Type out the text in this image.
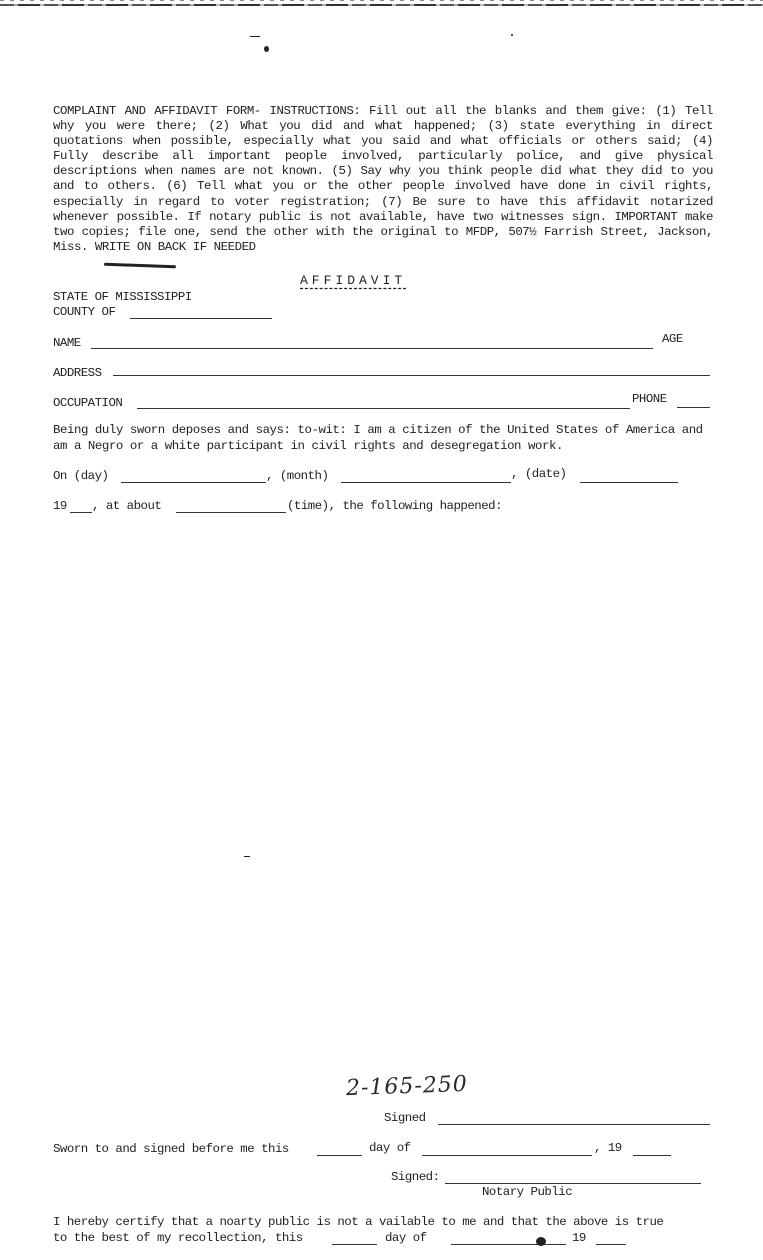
COMPLAINT AND AFFIDAVIT FORM- INSTRUCTIONS: Fill out all the blanks and them give: (1) Tell why you were there; (2) What you did and what happened; (3) state everything in direct quotations when possible, especially what you said and what officials or others said; (4) Fully describe all important people involved, particularly police, and give physical descriptions when names are not known. (5) Say why you think people did what they did to you and to others. (6) Tell what you or the other people involved have done in civil rights, especially in regard to voter registration; (7) Be sure to have this affidavit notarized whenever possible. If notary public is not available, have two witnesses sign. IMPORTANT make two copies; file one, send the other with the original to MFDP, 507½ Farrish Street, Jackson, Miss. WRITE ON BACK IF NEEDED
AFFIDAVIT
STATE OF MISSISSIPPI
COUNTY OF
NAME	AGE
ADDRESS
OCCUPATION	PHONE
Being duly sworn deposes and says: to-wit: I am a citizen of the United States of America and am a Negro or a white participant in civil rights and desegregation work.
On (day)	, (month)	, (date)
19 , at about	(time), the following happened:
2-165-250
Signed
Sworn to and signed before me this	day of	, 19
Signed:
Notary Public
I hereby certify that a noarty public is not a vailable to me and that the above is true
to the best of my recollection, this	day of	19
